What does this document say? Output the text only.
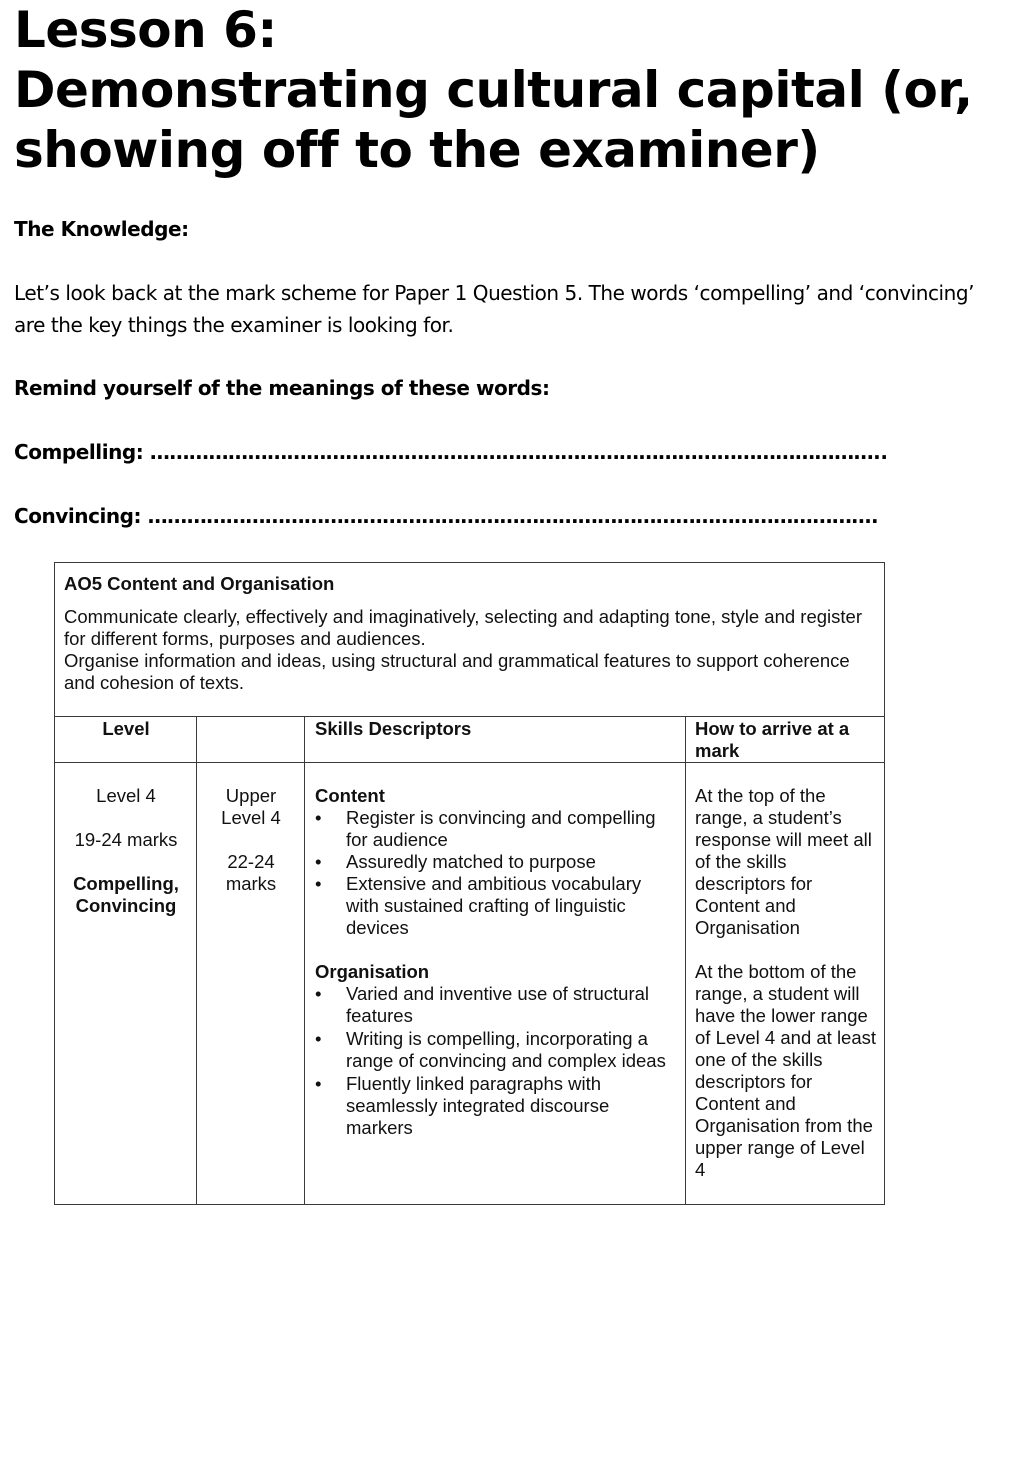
Lesson 6:
Demonstrating cultural capital (or,
showing off to the examiner)
The Knowledge:
Let’s look back at the mark scheme for Paper 1 Question 5. The words ‘compelling’ and ‘convincing’ are the key things the examiner is looking for.
Remind yourself of the meanings of these words:
Compelling: …………………………………………………………………………………………………..
Convincing: ………………………………………………………………………………………………….
AO5 Content and Organisation

Communicate clearly, effectively and imaginatively, selecting and adapting tone, style and register for different forms, purposes and audiences.

Organise information and ideas, using structural and grammatical features to support coherence and cohesion of texts.

Level	Skills Descriptors	How to arrive at a mark
Level 4
19-24 marks
Compelling,
Convincing
Upper
Level 4
22-24
marks
Content
• Register is convincing and compelling for audience
• Assuredly matched to purpose
• Extensive and ambitious vocabulary with sustained crafting of linguistic devices
Organisation
• Varied and inventive use of structural features
• Writing is compelling, incorporating a range of convincing and complex ideas
• Fluently linked paragraphs with seamlessly integrated discourse markers
At the top of the range, a student’s response will meet all of the skills descriptors for Content and Organisation
At the bottom of the range, a student will have the lower range of Level 4 and at least one of the skills descriptors for Content and Organisation from the upper range of Level 4
